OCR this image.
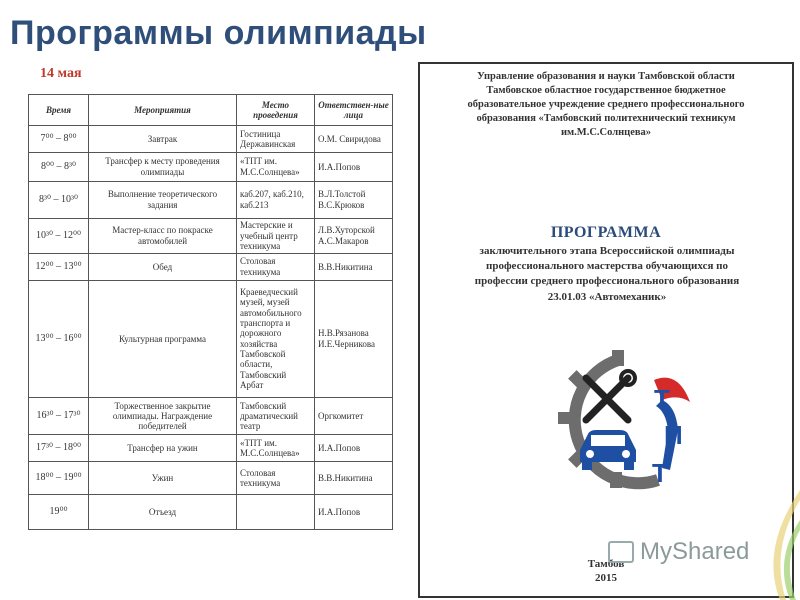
Программы олимпиады
14 мая
Время	Мероприятия	Место проведения	Ответствен-ные лица
7⁰⁰ – 8⁰⁰	Завтрак	Гостиница Державинская	О.М. Свиридова
8⁰⁰ – 8³⁰	Трансфер к месту проведения олимпиады	«ТПТ им. М.С.Солнцева»	И.А.Попов
8³⁰ – 10³⁰	Выполнение теоретического задания	каб.207, каб.210, каб.213	В.Л.Толстой В.С.Крюков
10³⁰ – 12⁰⁰	Мастер-класс по покраске автомобилей	Мастерские и учебный центр техникума	Л.В.Хуторской А.С.Макаров
12⁰⁰ – 13⁰⁰	Обед	Столовая техникума	В.В.Никитина
13⁰⁰ – 16⁰⁰	Культурная программа	Краеведческий музей, музей автомобильного транспорта и дорожного хозяйства Тамбовской области, Тамбовский Арбат	Н.В.Рязанова И.Е.Черникова
16³⁰ – 17³⁰	Торжественное закрытие олимпиады. Награждение победителей	Тамбовский драматический театр	Оргкомитет
17³⁰ – 18⁰⁰	Трансфер на ужин	«ТПТ им. М.С.Солнцева»	И.А.Попов
18⁰⁰ – 19⁰⁰	Ужин	Столовая техникума	В.В.Никитина
19⁰⁰	Отъезд		И.А.Попов
Управление образования и науки Тамбовской области
Тамбовское областное государственное бюджетное
образовательное учреждение среднего профессионального
образования «Тамбовский политехнический техникум
им.М.С.Солнцева»
ПРОГРАММА
заключительного этапа Всероссийской олимпиады
профессионального мастерства обучающихся по
профессии среднего профессионального образования
23.01.03 «Автомеханик»
Т
П
Т
Тамбов
2015
MyShared
